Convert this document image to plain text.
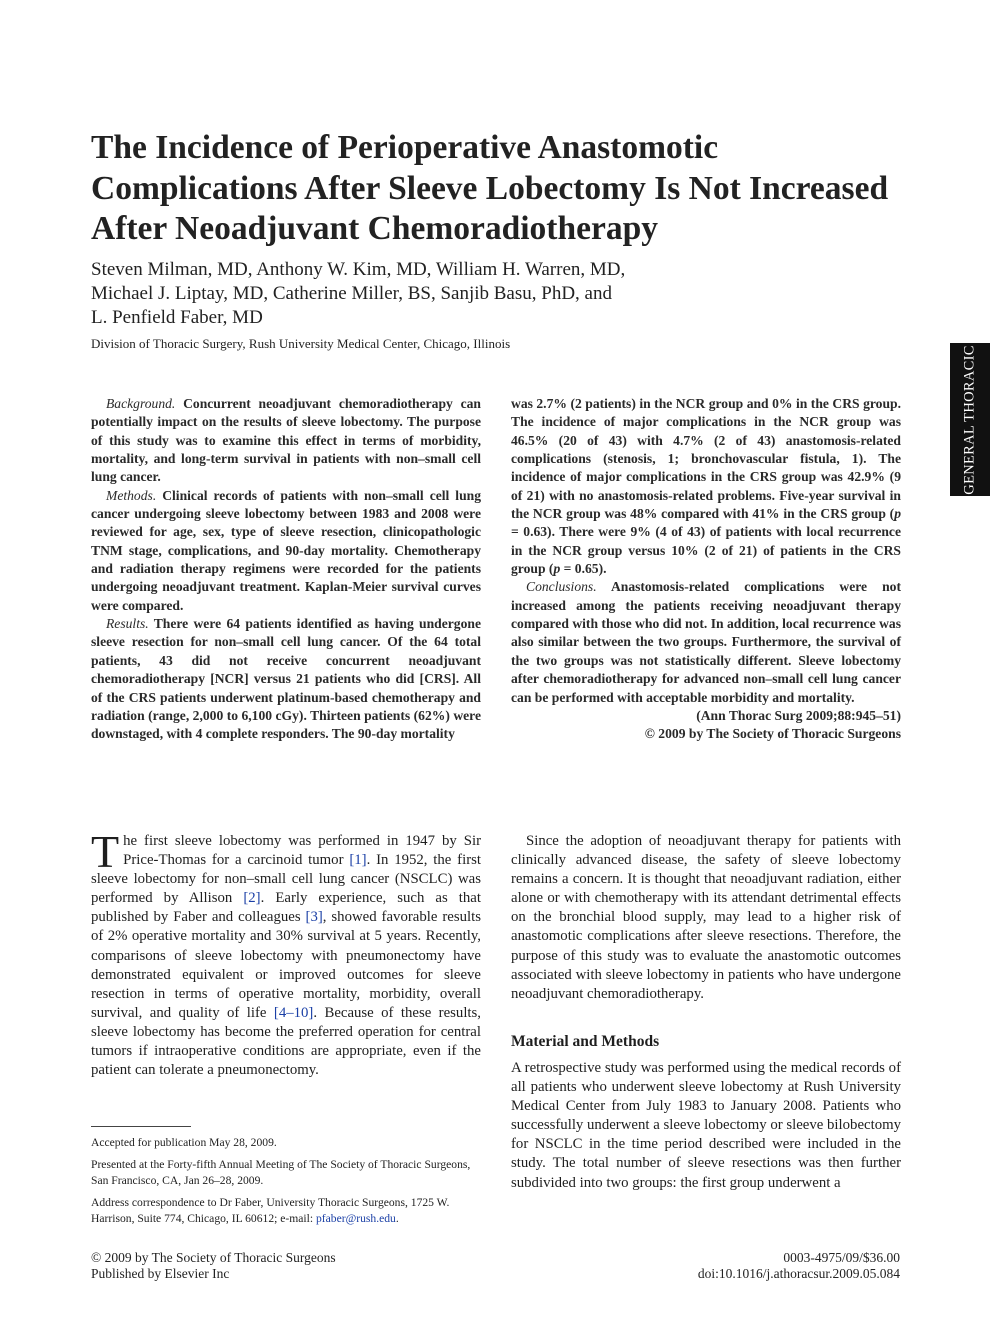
The Incidence of Perioperative Anastomotic Complications After Sleeve Lobectomy Is Not Increased After Neoadjuvant Chemoradiotherapy
Steven Milman, MD, Anthony W. Kim, MD, William H. Warren, MD,
Michael J. Liptay, MD, Catherine Miller, BS, Sanjib Basu, PhD, and
L. Penfield Faber, MD
Division of Thoracic Surgery, Rush University Medical Center, Chicago, Illinois
GENERAL THORACIC

Background. Concurrent neoadjuvant chemoradiotherapy can potentially impact on the results of sleeve lobectomy. The purpose of this study was to examine this effect in terms of morbidity, mortality, and long-term survival in patients with non–small cell lung cancer.

Methods. Clinical records of patients with non–small cell lung cancer undergoing sleeve lobectomy between 1983 and 2008 were reviewed for age, sex, type of sleeve resection, clinicopathologic TNM stage, complications, and 90-day mortality. Chemotherapy and radiation therapy regimens were recorded for the patients undergoing neoadjuvant treatment. Kaplan-Meier survival curves were compared.

Results. There were 64 patients identified as having undergone sleeve resection for non–small cell lung cancer. Of the 64 total patients, 43 did not receive concurrent neoadjuvant chemoradiotherapy [NCR] versus 21 patients who did [CRS]. All of the CRS patients underwent platinum-based chemotherapy and radiation (range, 2,000 to 6,100 cGy). Thirteen patients (62%) were downstaged, with 4 complete responders. The 90-day mortality

was 2.7% (2 patients) in the NCR group and 0% in the CRS group. The incidence of major complications in the NCR group was 46.5% (20 of 43) with 4.7% (2 of 43) anastomosis-related complications (stenosis, 1; bronchovascular fistula, 1). The incidence of major complications in the CRS group was 42.9% (9 of 21) with no anastomosis-related problems. Five-year survival in the NCR group was 48% compared with 41% in the CRS group (p = 0.63). There were 9% (4 of 43) of patients with local recurrence in the NCR group versus 10% (2 of 21) of patients in the CRS group (p = 0.65).

Conclusions. Anastomosis-related complications were not increased among the patients receiving neoadjuvant therapy compared with those who did not. In addition, local recurrence was also similar between the two groups. Furthermore, the survival of the two groups was not statistically different. Sleeve lobectomy after chemoradiotherapy for advanced non–small cell lung cancer can be performed with acceptable morbidity and mortality.

(Ann Thorac Surg 2009;88:945–51)

© 2009 by The Society of Thoracic Surgeons

The first sleeve lobectomy was performed in 1947 by Sir Price-Thomas for a carcinoid tumor [1]. In 1952, the first sleeve lobectomy for non–small cell lung cancer (NSCLC) was performed by Allison [2]. Early experience, such as that published by Faber and colleagues [3], showed favorable results of 2% operative mortality and 30% survival at 5 years. Recently, comparisons of sleeve lobectomy with pneumonectomy have demonstrated equivalent or improved outcomes for sleeve resection in terms of operative mortality, morbidity, overall survival, and quality of life [4–10]. Because of these results, sleeve lobectomy has become the preferred operation for central tumors if intraoperative conditions are appropriate, even if the patient can tolerate a pneumonectomy.

Since the adoption of neoadjuvant therapy for patients with clinically advanced disease, the safety of sleeve lobectomy remains a concern. It is thought that neoadjuvant radiation, either alone or with chemotherapy with its attendant detrimental effects on the bronchial blood supply, may lead to a higher risk of anastomotic complications after sleeve resections. Therefore, the purpose of this study was to evaluate the anastomotic outcomes associated with sleeve lobectomy in patients who have undergone neoadjuvant chemoradiotherapy.

Material and Methods

A retrospective study was performed using the medical records of all patients who underwent sleeve lobectomy at Rush University Medical Center from July 1983 to January 2008. Patients who successfully underwent a sleeve lobectomy or sleeve bilobectomy for NSCLC in the time period described were included in the study. The total number of sleeve resections was then further subdivided into two groups: the first group underwent a

Accepted for publication May 28, 2009.

Presented at the Forty-fifth Annual Meeting of The Society of Thoracic Surgeons, San Francisco, CA, Jan 26–28, 2009.

Address correspondence to Dr Faber, University Thoracic Surgeons, 1725 W. Harrison, Suite 774, Chicago, IL 60612; e-mail: pfaber@rush.edu.

© 2009 by The Society of Thoracic Surgeons
Published by Elsevier Inc
0003-4975/09/$36.00
doi:10.1016/j.athoracsur.2009.05.084
